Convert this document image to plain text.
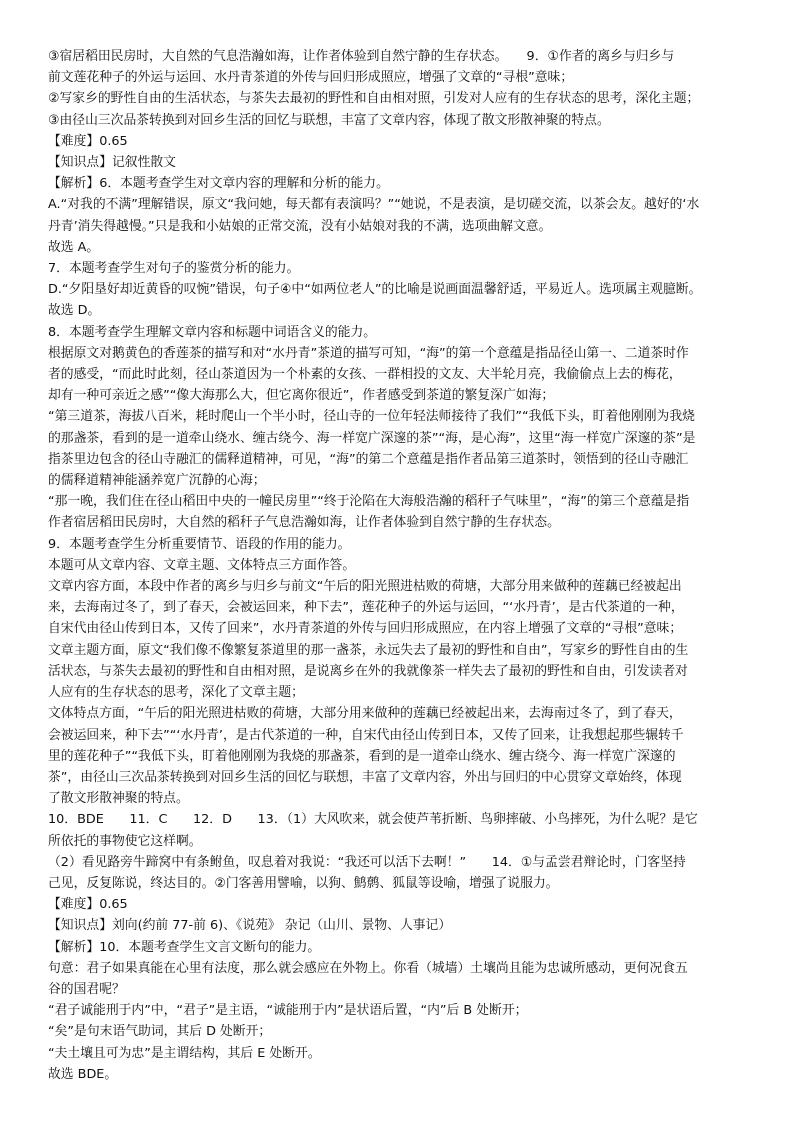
③宿居稻田民房时，大自然的气息浩瀚如海，让作者体验到自然宁静的生存状态。　　9．①作者的离乡与归乡与
前文莲花种子的外运与运回、水丹青茶道的外传与回归形成照应，增强了文章的“寻根”意味；
②写家乡的野性自由的生活状态，与茶失去最初的野性和自由相对照，引发对人应有的生存状态的思考，深化主题；
③由径山三次品茶转换到对回乡生活的回忆与联想，丰富了文章内容，体现了散文形散神聚的特点。
【难度】0.65
【知识点】记叙性散文
【解析】6．本题考查学生对文章内容的理解和分析的能力。
A.“对我的不满”理解错误，原文“我问她，每天都有表演吗？”“她说，不是表演，是切磋交流，以茶会友。越好的‘水
丹青’消失得越慢。”只是我和小姑娘的正常交流，没有小姑娘对我的不满，选项曲解文意。
故选 A。
7．本题考查学生对句子的鉴赏分析的能力。
D.“夕阳垦好却近黄昏的叹惋”错误，句子④中“如两位老人”的比喻是说画面温馨舒适，平易近人。选项属主观臆断。
故选 D。
8．本题考查学生理解文章内容和标题中词语含义的能力。
根据原文对鹅黄色的香莲茶的描写和对“水丹青”茶道的描写可知，“海”的第一个意蕴是指品径山第一、二道茶时作
者的感受，“而此时此刻，径山茶道因为一个朴素的女孩、一群相投的文友、大半轮月亮，我偷偷点上去的梅花，
却有一种可亲近之感”“像大海那么大，但它离你很近”，作者感受到茶道的繁复深广如海；
“第三道茶，海拔八百米，耗时爬山一个半小时，径山寺的一位年轻法师接待了我们”“我低下头，盯着他刚刚为我烧
的那盏茶，看到的是一道牵山绕水、缠古绕今、海一样宽广深邃的茶”“海，是心海”，这里“海一样宽广深邃的茶”是
指茶里边包含的径山寺融汇的儒释道精神，可见，“海”的第二个意蕴是指作者品第三道茶时，领悟到的径山寺融汇
的儒释道精神能涵养宽广沉静的心海；
“那一晚，我们住在径山稻田中央的一幢民房里”“终于沦陷在大海般浩瀚的稻秆子气味里”，“海”的第三个意蕴是指
作者宿居稻田民房时，大自然的稻秆子气息浩瀚如海，让作者体验到自然宁静的生存状态。
9．本题考查学生分析重要情节、语段的作用的能力。
本题可从文章内容、文章主题、文体特点三方面作答。
文章内容方面，本段中作者的离乡与归乡与前文“午后的阳光照进枯败的荷塘，大部分用来做种的莲藕已经被起出
来，去海南过冬了，到了春天，会被运回来，种下去”，莲花种子的外运与运回，“‘水丹青’，是古代茶道的一种，
自宋代由径山传到日本，又传了回来”，水丹青茶道的外传与回归形成照应，在内容上增强了文章的“寻根”意味；
文章主题方面，原文“我们像不像繁复茶道里的那一盏茶，永远失去了最初的野性和自由”，写家乡的野性自由的生
活状态，与茶失去最初的野性和自由相对照，是说离乡在外的我就像茶一样失去了最初的野性和自由，引发读者对
人应有的生存状态的思考，深化了文章主题；
文体特点方面，“午后的阳光照进枯败的荷塘，大部分用来做种的莲藕已经被起出来，去海南过冬了，到了春天，
会被运回来，种下去”“‘水丹青’，是古代茶道的一种，自宋代由径山传到日本，又传了回来，让我想起那些辗转千
里的莲花种子”“我低下头，盯着他刚刚为我烧的那盏茶，看到的是一道牵山绕水、缠古绕今、海一样宽广深邃的
茶”，由径山三次品茶转换到对回乡生活的回忆与联想，丰富了文章内容，外出与回归的中心贯穿文章始终，体现
了散文形散神聚的特点。
10．BDE　　11．C　　12．D　　13．（1）大风吹来，就会使芦苇折断、鸟卵摔破、小鸟摔死，为什么呢？是它
所依托的事物使它这样啊。
（2）看见路旁牛蹄窝中有条鲋鱼，叹息着对我说：“我还可以活下去啊！”　　14．①与孟尝君辩论时，门客坚持
己见，反复陈说，终达目的。②门客善用譬喻，以狗、鹪鹩、狐鼠等设喻，增强了说服力。
【难度】0.65
【知识点】刘向(约前 77-前 6)、《说苑》 杂记（山川、景物、人事记）
【解析】10．本题考查学生文言文断句的能力。
句意：君子如果真能在心里有法度，那么就会感应在外物上。你看（城墙）土壤尚且能为忠诚所感动，更何况食五
谷的国君呢？
“君子诚能刑于内”中，“君子”是主语，“诚能刑于内”是状语后置，“内”后 B 处断开；
“矣”是句末语气助词，其后 D 处断开；
“夫土壤且可为忠”是主谓结构，其后 E 处断开。
故选 BDE。
